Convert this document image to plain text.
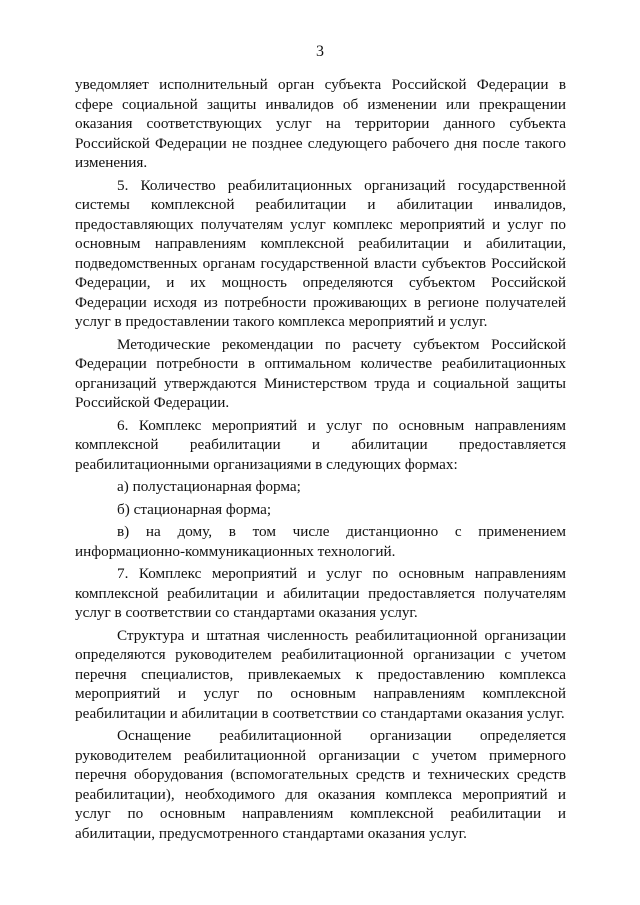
3

уведомляет исполнительный орган субъекта Российской Федерации в сфере социальной защиты инвалидов об изменении или прекращении оказания соответствующих услуг на территории данного субъекта Российской Федерации не позднее следующего рабочего дня после такого изменения.

5. Количество реабилитационных организаций государственной системы комплексной реабилитации и абилитации инвалидов, предоставляющих получателям услуг комплекс мероприятий и услуг по основным направлениям комплексной реабилитации и абилитации, подведомственных органам государственной власти субъектов Российской Федерации, и их мощность определяются субъектом Российской Федерации исходя из потребности проживающих в регионе получателей услуг в предоставлении такого комплекса мероприятий и услуг.

Методические рекомендации по расчету субъектом Российской Федерации потребности в оптимальном количестве реабилитационных организаций утверждаются Министерством труда и социальной защиты Российской Федерации.

6. Комплекс мероприятий и услуг по основным направлениям комплексной реабилитации и абилитации предоставляется реабилитационными организациями в следующих формах:

а) полустационарная форма;

б) стационарная форма;

в) на дому, в том числе дистанционно с применением информационно-коммуникационных технологий.

7. Комплекс мероприятий и услуг по основным направлениям комплексной реабилитации и абилитации предоставляется получателям услуг в соответствии со стандартами оказания услуг.

Структура и штатная численность реабилитационной организации определяются руководителем реабилитационной организации с учетом перечня специалистов, привлекаемых к предоставлению комплекса мероприятий и услуг по основным направлениям комплексной реабилитации и абилитации в соответствии со стандартами оказания услуг.

Оснащение реабилитационной организации определяется руководителем реабилитационной организации с учетом примерного перечня оборудования (вспомогательных средств и технических средств реабилитации), необходимого для оказания комплекса мероприятий и услуг по основным направлениям комплексной реабилитации и абилитации, предусмотренного стандартами оказания услуг.
